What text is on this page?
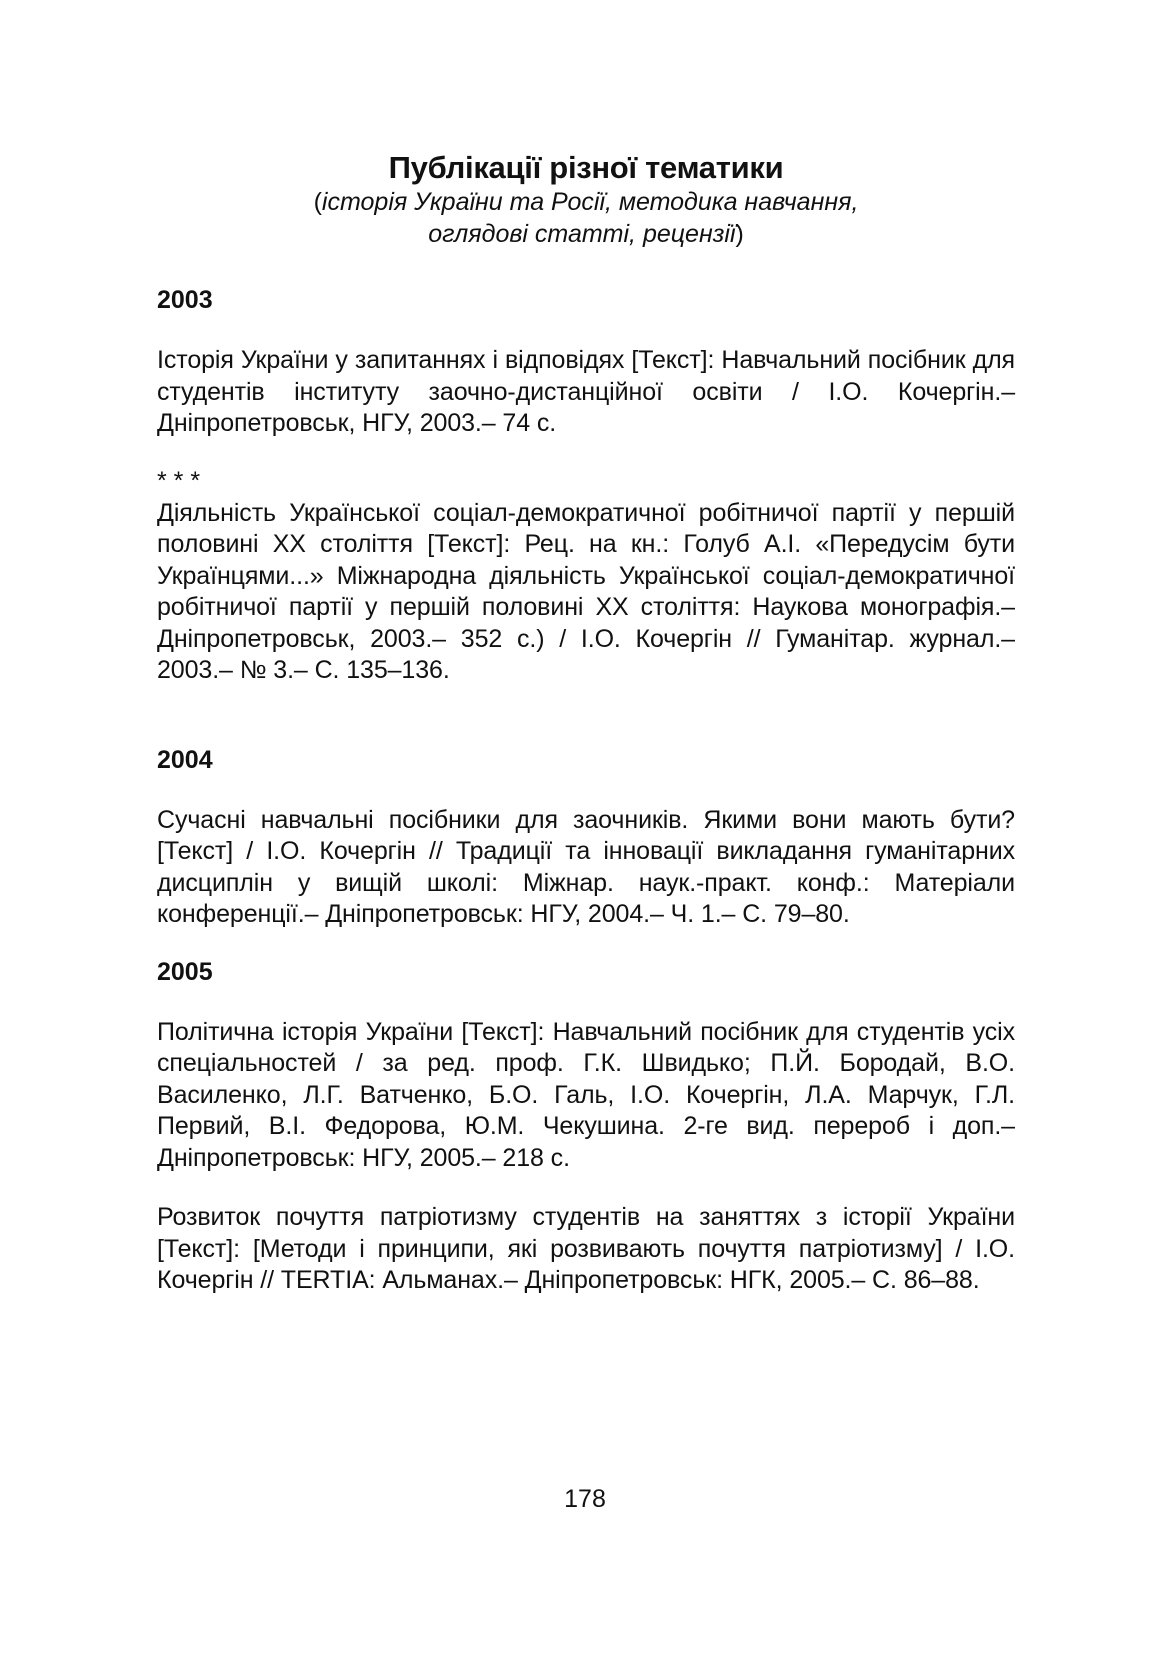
Публікації різної тематики

(історія України та Росії, методика навчання,

оглядові статті, рецензії)

2003

Історія України у запитаннях і відповідях [Текст]: Навчальний посібник для студентів інституту заочно-дистанційної освіти / І.О. Кочергін.– Дніпропетровськ, НГУ, 2003.– 74 с.

* * *

Діяльність Української соціал-демократичної робітничої партії у першій половині ХХ століття [Текст]: Рец. на кн.: Голуб А.І. «Передусім бути Українцями...» Міжнародна діяльність Української соціал-демократичної робітничої партії у першій половині ХХ століття: Наукова монографія.– Дніпропетровськ, 2003.– 352 с.) / І.О. Кочергін // Гуманітар. журнал.– 2003.– № 3.– С. 135–136.

2004

Сучасні навчальні посібники для заочників. Якими вони мають бути? [Текст] / І.О. Кочергін // Традиції та інновації викладання гуманітарних дисциплін у вищій школі: Міжнар. наук.-практ. конф.: Матеріали конференції.– Дніпропетровськ: НГУ, 2004.– Ч. 1.– С. 79–80.

2005

Політична історія України [Текст]: Навчальний посібник для студентів усіх спеціальностей / за ред. проф. Г.К. Швидько; П.Й. Бородай, В.О. Василенко, Л.Г. Ватченко, Б.О. Галь, І.О. Кочергін, Л.А. Марчук, Г.Л. Первий, В.І. Федорова, Ю.М. Чекушина. 2-ге вид. перероб і доп.– Дніпропетровськ: НГУ, 2005.– 218 с.

Розвиток почуття патріотизму студентів на заняттях з історії України [Текст]: [Методи і принципи, які розвивають почуття патріотизму] / І.О. Кочергін // TERTIA: Альманах.– Дніпропетровськ: НГК, 2005.– С. 86–88.

178
